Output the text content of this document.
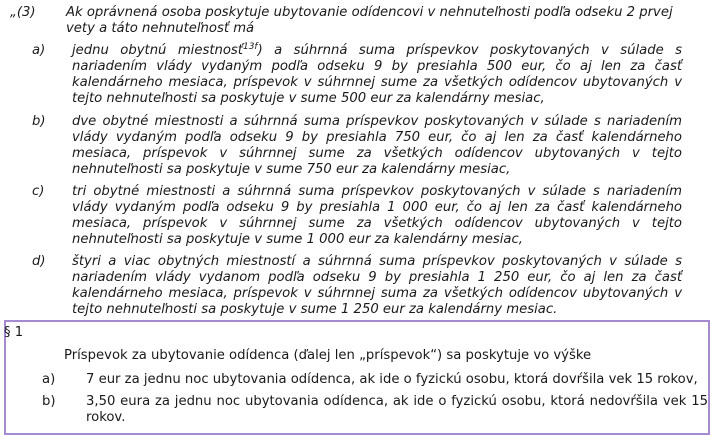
„(3) Ak oprávnená osoba poskytuje ubytovanie odídencovi v nehnuteľnosti podľa odseku 2 prvej vety a táto nehnuteľnosť má
a) jednu obytnú miestnosť$^{13f}$) a súhrnná suma príspevkov poskytovaných v súlade s nariadením vlády vydaným podľa odseku 9 by presiahla 500 eur, čo aj len za časť kalendárneho mesiaca, príspevok v súhrnnej sume za všetkých odídencov ubytovaných v tejto nehnuteľnosti sa poskytuje v sume 500 eur za kalendárny mesiac,
b) dve obytné miestnosti a súhrnná suma príspevkov poskytovaných v súlade s nariadením vlády vydaným podľa odseku 9 by presiahla 750 eur, čo aj len za časť kalendárneho mesiaca, príspevok v súhrnnej sume za všetkých odídencov ubytovaných v tejto nehnuteľnosti sa poskytuje v sume 750 eur za kalendárny mesiac,
c) tri obytné miestnosti a súhrnná suma príspevkov poskytovaných v súlade s nariadením vlády vydaným podľa odseku 9 by presiahla 1 000 eur, čo aj len za časť kalendárneho mesiaca, príspevok v súhrnnej sume za všetkých odídencov ubytovaných v tejto nehnuteľnosti sa poskytuje v sume 1 000 eur za kalendárny mesiac,
d) štyri a viac obytných miestností a súhrnná suma príspevkov poskytovaných v súlade s nariadením vlády vydanom podľa odseku 9 by presiahla 1 250 eur, čo aj len za časť kalendárneho mesiaca, príspevok v súhrnnej suma za všetkých odídencov ubytovaných v tejto nehnuteľnosti sa poskytuje v sume 1 250 eur za kalendárny mesiac.
§ 1
Príspevok za ubytovanie odídenca (ďalej len „príspevok“) sa poskytuje vo výške
a) 7 eur za jednu noc ubytovania odídenca, ak ide o fyzickú osobu, ktorá dovŕšila vek 15 rokov,
b) 3,50 eura za jednu noc ubytovania odídenca, ak ide o fyzickú osobu, ktorá nedovŕšila vek 15 rokov.
